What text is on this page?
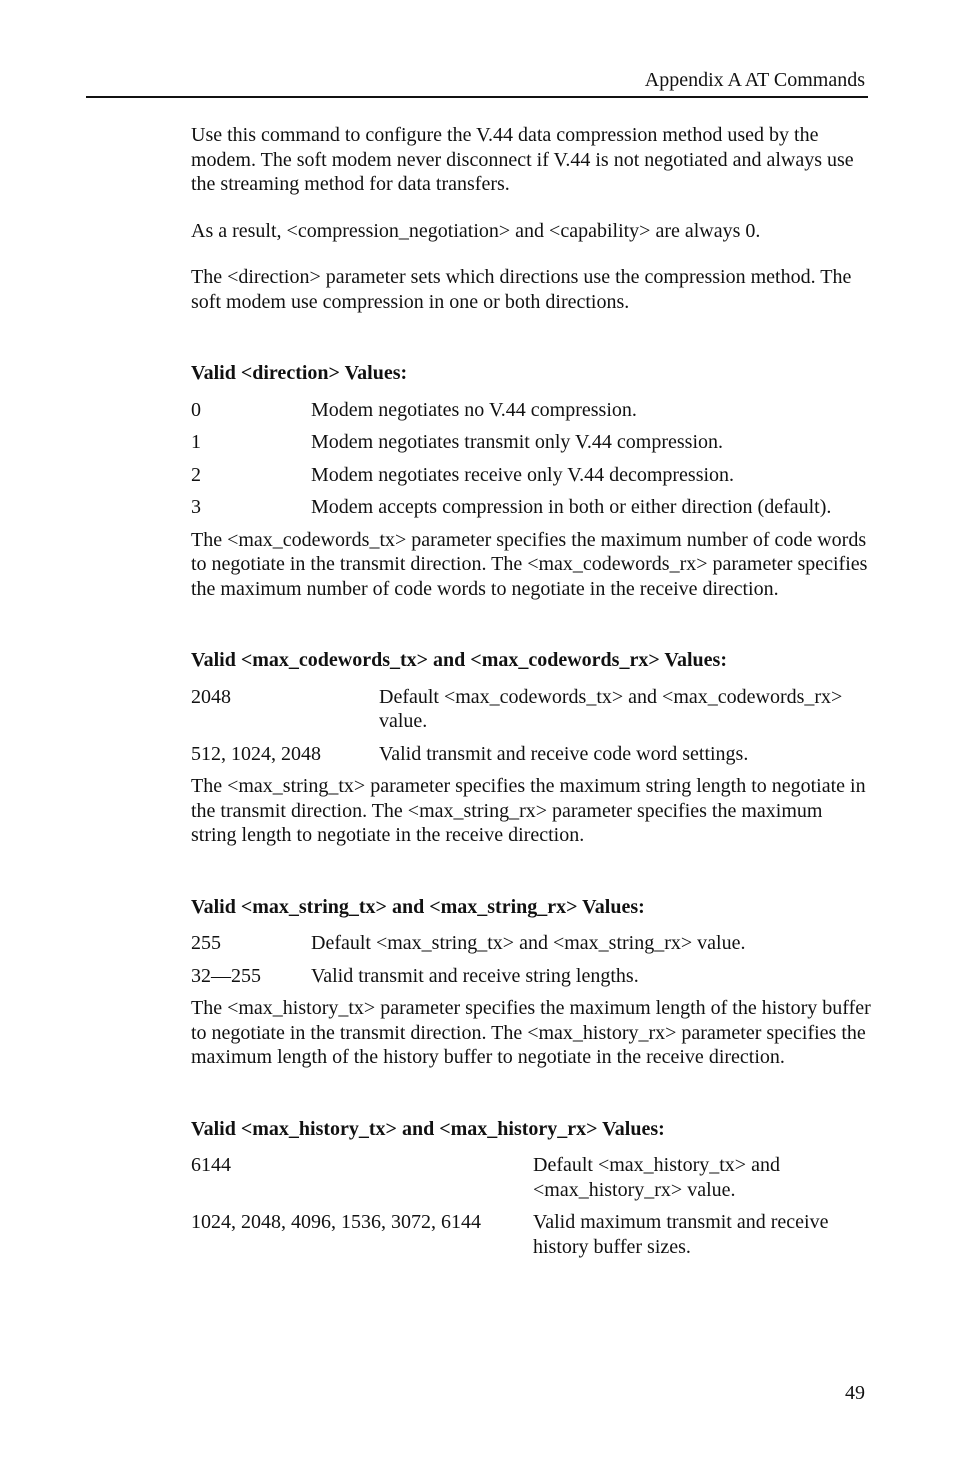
Appendix A AT Commands

Use this command to configure the V.44 data compression method used by the modem. The soft modem never disconnect if V.44 is not negotiated and always use the streaming method for data transfers.

As a result, <compression_negotiation> and <capability> are always 0.

The <direction> parameter sets which directions use the compression method. The soft modem use compression in one or both directions.

Valid <direction> Values:

0	Modem negotiates no V.44 compression.
1	Modem negotiates transmit only V.44 compression.
2	Modem negotiates receive only V.44 decompression.
3	Modem accepts compression in both or either direction (default).

The <max_codewords_tx> parameter specifies the maximum number of code words to negotiate in the transmit direction. The <max_codewords_rx> parameter specifies the maximum number of code words to negotiate in the receive direction.

Valid <max_codewords_tx> and <max_codewords_rx> Values:

2048	Default <max_codewords_tx> and <max_codewords_rx> value.
512, 1024, 2048	Valid transmit and receive code word settings.

The <max_string_tx> parameter specifies the maximum string length to negotiate in the transmit direction. The <max_string_rx> parameter specifies the maximum string length to negotiate in the receive direction.

Valid <max_string_tx> and <max_string_rx> Values:

255	Default <max_string_tx> and <max_string_rx> value.
32—255	Valid transmit and receive string lengths.

The <max_history_tx> parameter specifies the maximum length of the history buffer to negotiate in the transmit direction. The <max_history_rx> parameter specifies the maximum length of the history buffer to negotiate in the receive direction.

Valid <max_history_tx> and <max_history_rx> Values:

6144	Default <max_history_tx> and <max_history_rx> value.
1024, 2048, 4096, 1536, 3072, 6144	Valid maximum transmit and receive history buffer sizes.
49
